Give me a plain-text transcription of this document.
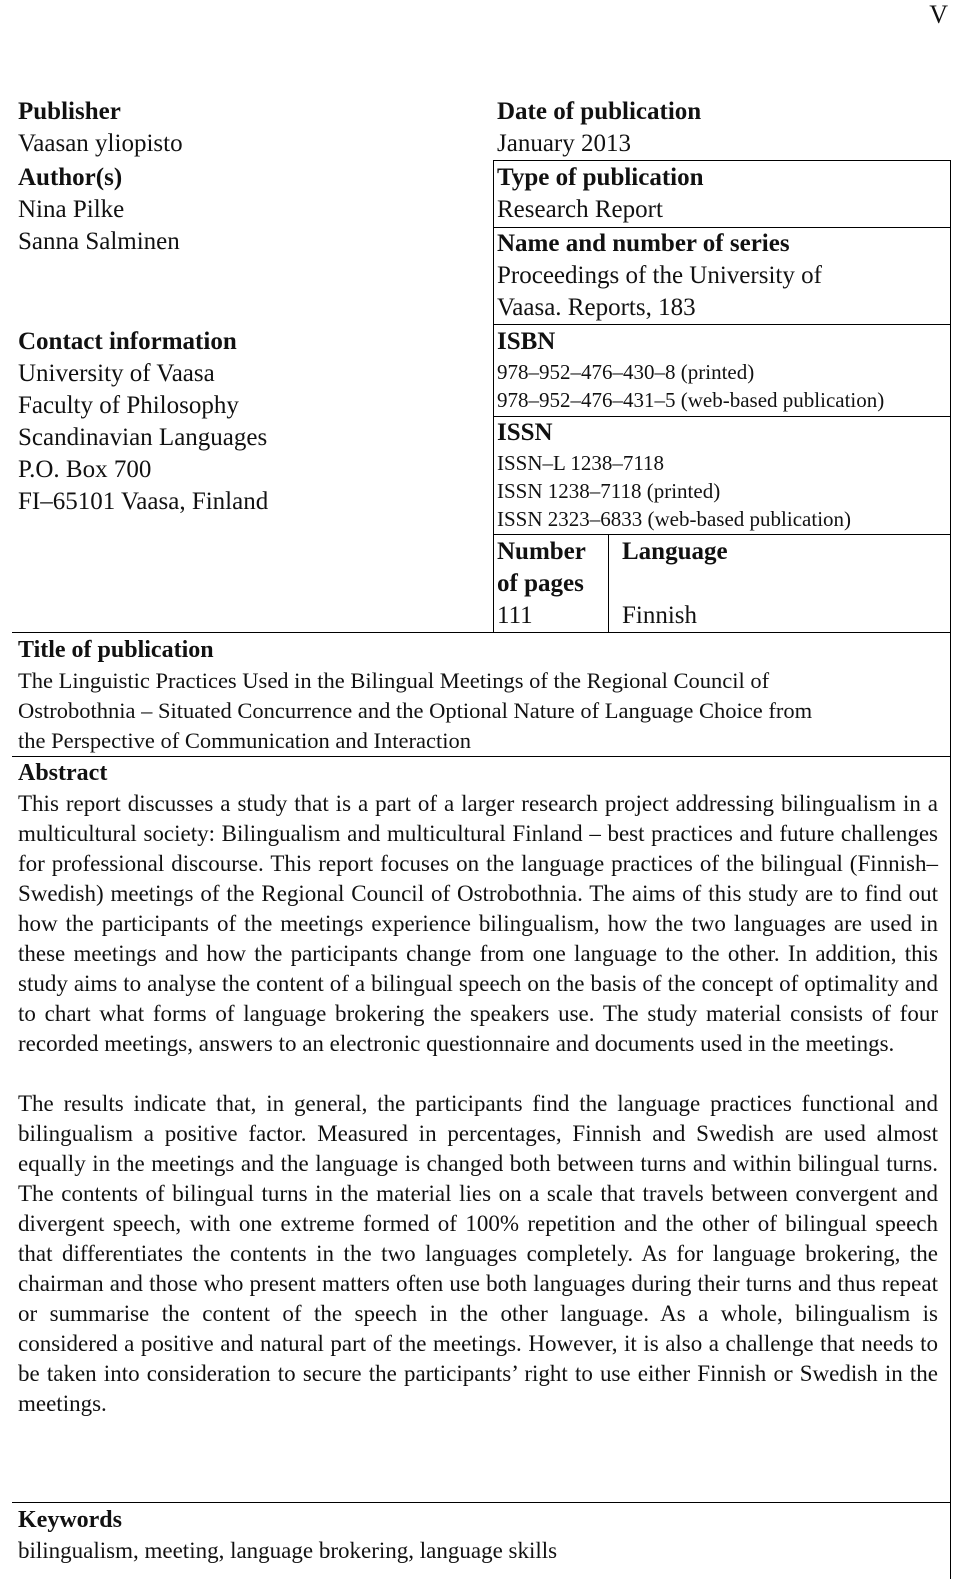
V
Publisher
Vaasan yliopisto
Author(s)
Nina Pilke
Sanna Salminen
Contact information
University of Vaasa
Faculty of Philosophy
Scandinavian Languages
P.O. Box 700
FI–65101 Vaasa, Finland
Date of publication
January 2013
Type of publication
Research Report
Name and number of series
Proceedings of the University of
Vaasa. Reports, 183
ISBN
978–952–476–430–8 (printed)
978–952–476–431–5 (web-based publication)
ISSN
ISSN–L 1238–7118
ISSN 1238–7118 (printed)
ISSN 2323–6833 (web-based publication)
Number
of pages
111
Language
Finnish
Title of publication
The Linguistic Practices Used in the Bilingual Meetings of the Regional Council of
Ostrobothnia – Situated Concurrence and the Optional Nature of Language Choice from
the Perspective of Communication and Interaction
Abstract
This report discusses a study that is a part of a larger research project addressing bilingualism in a multicultural society: Bilingualism and multicultural Finland – best practices and future challenges for professional discourse. This report focuses on the language practices of the bilingual (Finnish–Swedish) meetings of the Regional Council of Ostrobothnia. The aims of this study are to find out how the participants of the meetings experience bilingualism, how the two languages are used in these meetings and how the participants change from one language to the other. In addition, this study aims to analyse the content of a bilingual speech on the basis of the concept of optimality and to chart what forms of language brokering the speakers use. The study material consists of four recorded meetings, answers to an electronic questionnaire and documents used in the meetings.
The results indicate that, in general, the participants find the language practices functional and bilingualism a positive factor. Measured in percentages, Finnish and Swedish are used almost equally in the meetings and the language is changed both between turns and within bilingual turns. The contents of bilingual turns in the material lies on a scale that travels between convergent and divergent speech, with one extreme formed of 100% repetition and the other of bilingual speech that differentiates the contents in the two languages completely. As for language brokering, the chairman and those who present matters often use both languages during their turns and thus repeat or summarise the content of the speech in the other language. As a whole, bilingualism is considered a positive and natural part of the meetings. However, it is also a challenge that needs to be taken into consideration to secure the participants’ right to use either Finnish or Swedish in the meetings.
Keywords
bilingualism, meeting, language brokering, language skills
